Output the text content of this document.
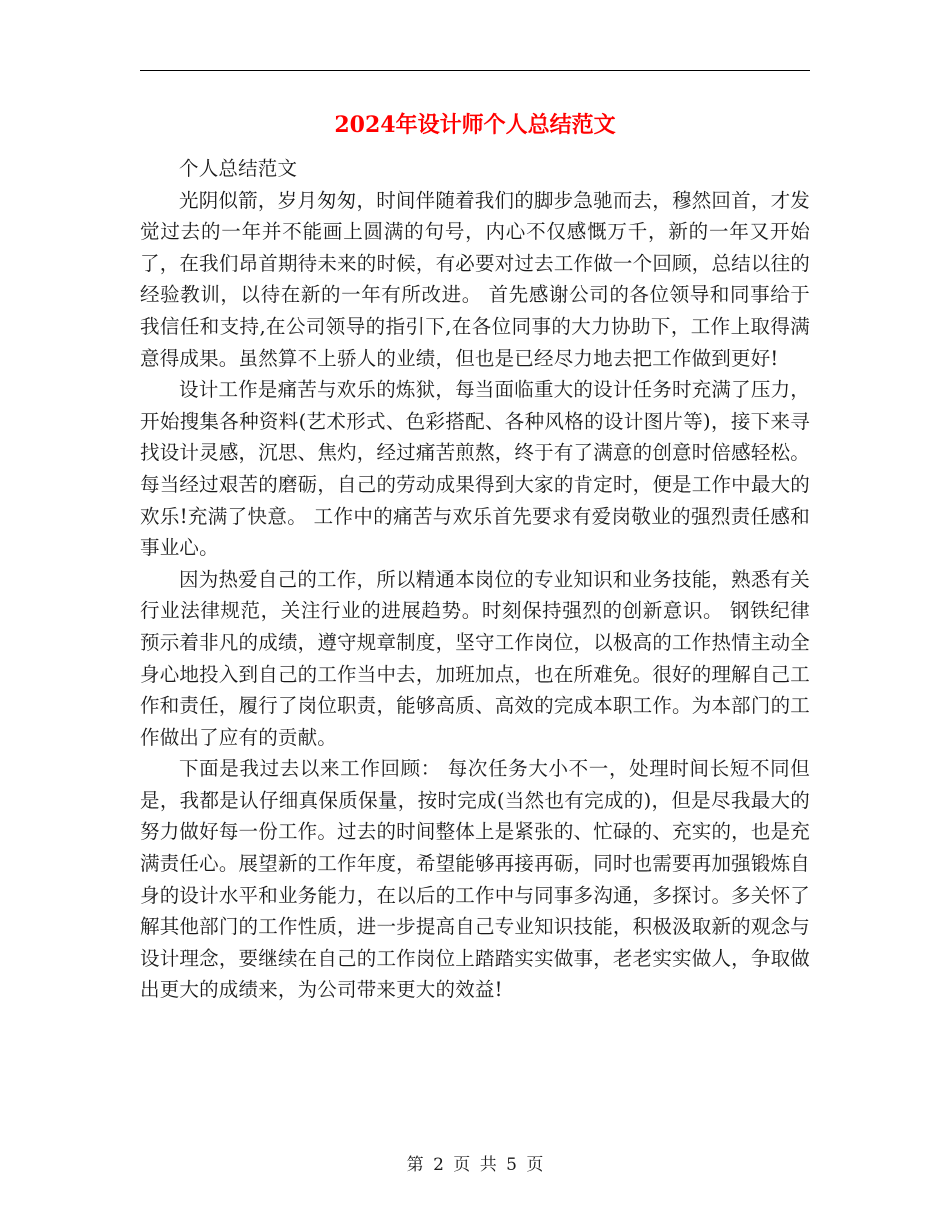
2024年设计师个人总结范文

个人总结范文

光阴似箭，岁月匆匆，时间伴随着我们的脚步急驰而去，穆然回首，才发觉过去的一年并不能画上圆满的句号，内心不仅感慨万千，新的一年又开始了，在我们昂首期待未来的时候，有必要对过去工作做一个回顾，总结以往的经验教训，以待在新的一年有所改进。 首先感谢公司的各位领导和同事给于我信任和支持,在公司领导的指引下,在各位同事的大力协助下，工作上取得满意得成果。虽然算不上骄人的业绩，但也是已经尽力地去把工作做到更好!

设计工作是痛苦与欢乐的炼狱，每当面临重大的设计任务时充满了压力，开始搜集各种资料(艺术形式、色彩搭配、各种风格的设计图片等)，接下来寻找设计灵感，沉思、焦灼，经过痛苦煎熬，终于有了满意的创意时倍感轻松。每当经过艰苦的磨砺，自己的劳动成果得到大家的肯定时，便是工作中最大的欢乐!充满了快意。 工作中的痛苦与欢乐首先要求有爱岗敬业的强烈责任感和事业心。

因为热爱自己的工作，所以精通本岗位的专业知识和业务技能，熟悉有关行业法律规范，关注行业的进展趋势。时刻保持强烈的创新意识。 钢铁纪律预示着非凡的成绩，遵守规章制度，坚守工作岗位，以极高的工作热情主动全身心地投入到自己的工作当中去，加班加点，也在所难免。很好的理解自己工作和责任，履行了岗位职责，能够高质、高效的完成本职工作。为本部门的工作做出了应有的贡献。

下面是我过去以来工作回顾： 每次任务大小不一，处理时间长短不同但是，我都是认仔细真保质保量，按时完成(当然也有完成的)，但是尽我最大的努力做好每一份工作。过去的时间整体上是紧张的、忙碌的、充实的，也是充满责任心。展望新的工作年度，希望能够再接再砺，同时也需要再加强锻炼自身的设计水平和业务能力，在以后的工作中与同事多沟通，多探讨。多关怀了解其他部门的工作性质，进一步提高自己专业知识技能，积极汲取新的观念与设计理念，要继续在自己的工作岗位上踏踏实实做事，老老实实做人，争取做出更大的成绩来，为公司带来更大的效益!

第 2 页 共 5 页
